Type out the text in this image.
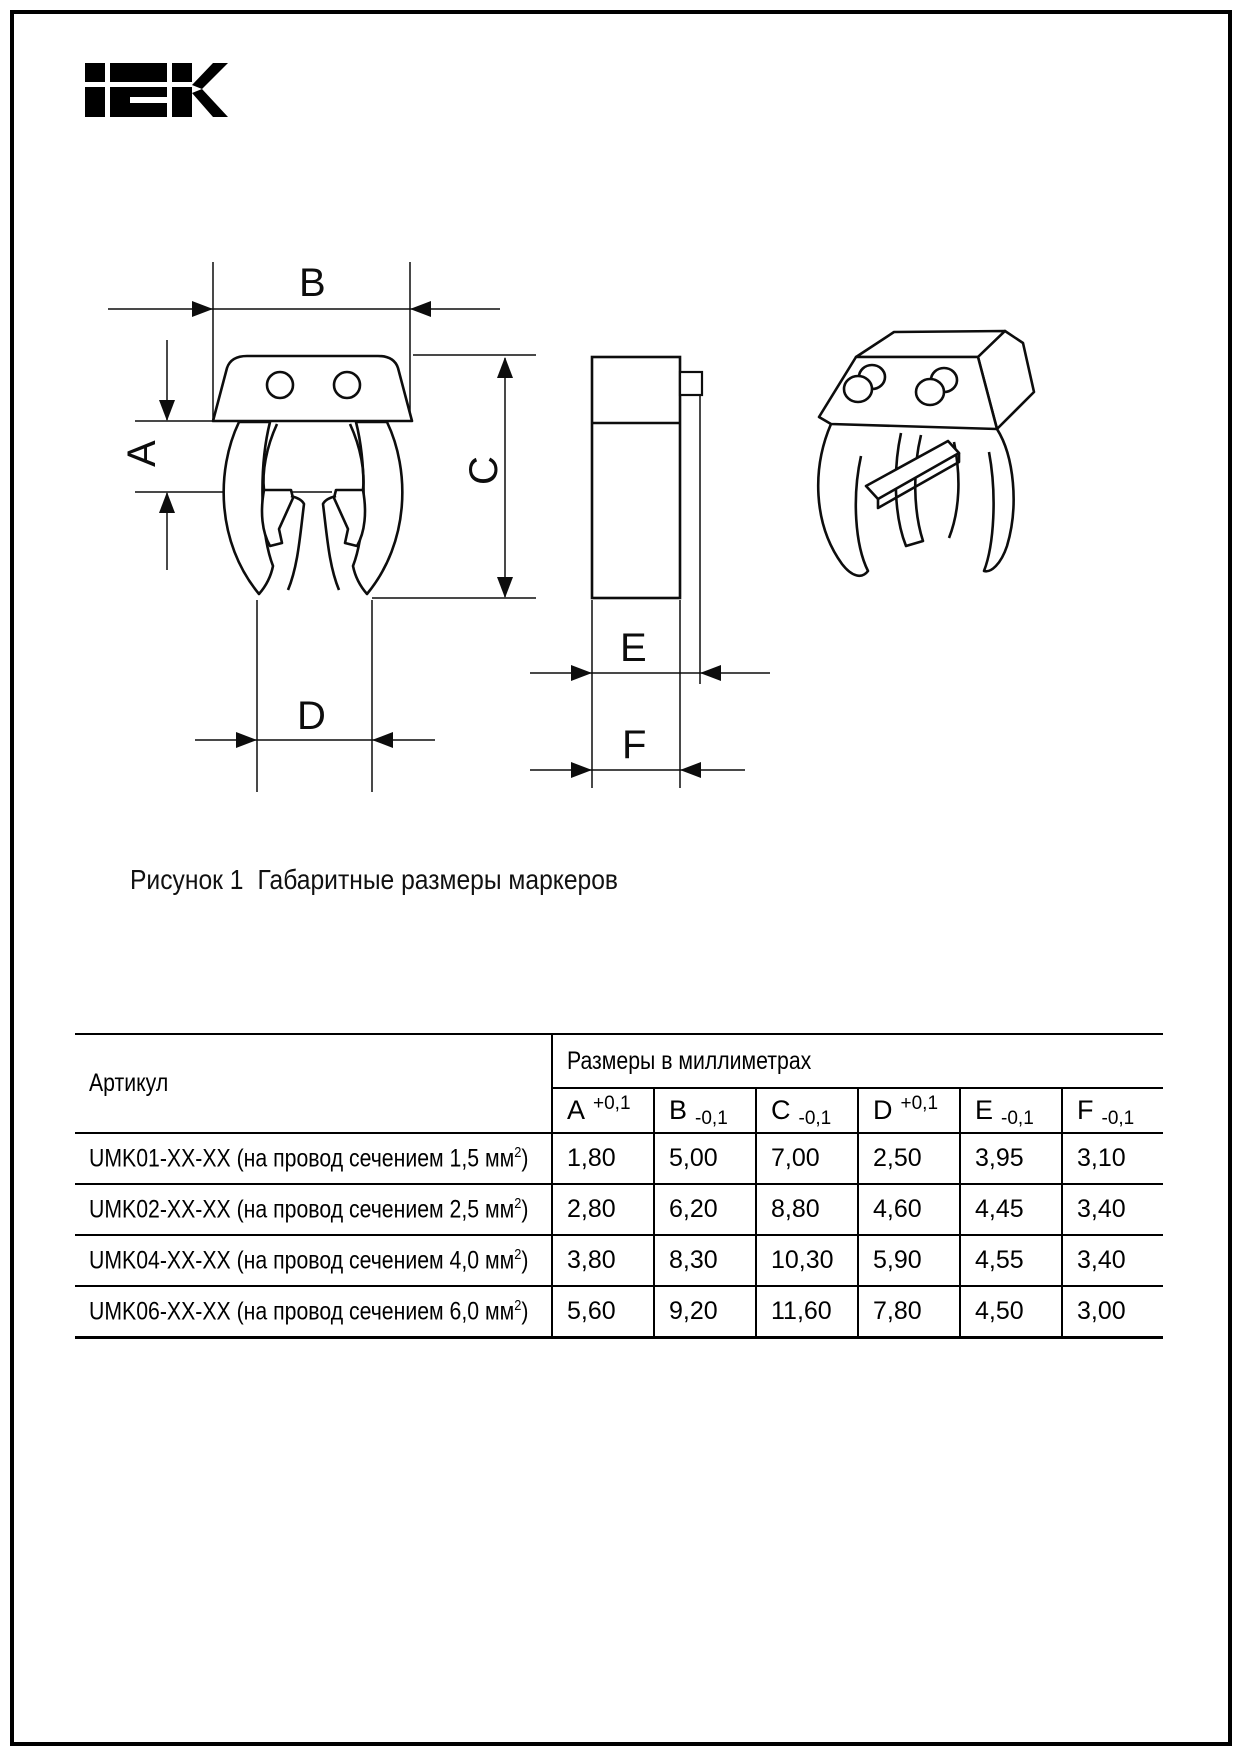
B
A
C
D
E
F
Рисунок 1 Габаритные размеры маркеров
Артикул	Размеры в миллиметрах					
	A $^{+0,1}$	B $_{-0,1}$	C $_{-0,1}$	D $^{+0,1}$	E $_{-0,1}$	F $_{-0,1}$
UMK01-XX-XX (на провод сечением 1,5 $мм^2$)	1,80	5,00	7,00	2,50	3,95	3,10
UMK02-XX-XX (на провод сечением 2,5 $мм^2$)	2,80	6,20	8,80	4,60	4,45	3,40
UMK04-XX-XX (на провод сечением 4,0 $мм^2$)	3,80	8,30	10,30	5,90	4,55	3,40
UMK06-XX-XX (на провод сечением 6,0 $мм^2$)	5,60	9,20	11,60	7,80	4,50	3,00
